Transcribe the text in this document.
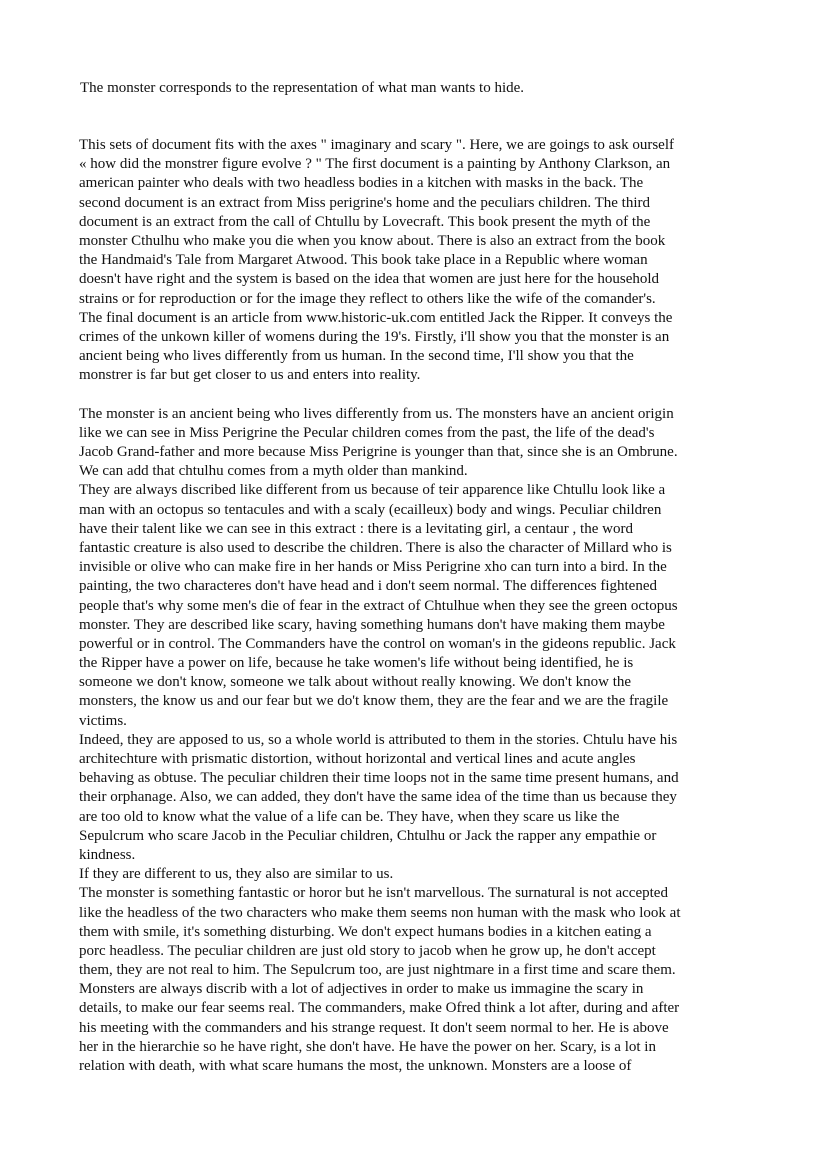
The monster corresponds to the representation of what man wants to hide.

This sets of document fits with the axes " imaginary and scary ". Here, we are goings to ask ourself
« how did the monstrer figure evolve ? " The first document is a painting by Anthony Clarkson, an
american painter who deals with two headless bodies in a kitchen with masks in the back. The
second document is an extract from Miss perigrine's home and the peculiars children. The third
document is an extract from the call of Chtullu by Lovecraft. This book present the myth of the
monster Cthulhu who make you die when you know about. There is also an extract from the book
the Handmaid's Tale from Margaret Atwood. This book take place in a Republic where woman
doesn't have right and the system is based on the idea that women are just here for the household
strains or for reproduction or for the image they reflect to others like the wife of the comander's.
The final document is an article from www.historic-uk.com entitled Jack the Ripper. It conveys the
crimes of the unkown killer of womens during the 19's. Firstly, i'll show you that the monster is an
ancient being who lives differently from us human. In the second time, I'll show you that the
monstrer is far but get closer to us and enters into reality.
The monster is an ancient being who lives differently from us. The monsters have an ancient origin
like we can see in Miss Perigrine the Pecular children comes from the past, the life of the dead's
Jacob Grand-father and more because Miss Perigrine is younger than that, since she is an Ombrune.
We can add that chtulhu comes from a myth older than mankind.
They are always discribed like different from us because of teir apparence like Chtullu look like a
man with an octopus so tentacules and with a scaly (ecailleux) body and wings. Peculiar children
have their talent like we can see in this extract : there is a levitating girl, a centaur , the word
fantastic creature is also used to describe the children. There is also the character of Millard who is
invisible or olive who can make fire in her hands or Miss Perigrine xho can turn into a bird. In the
painting, the two characteres don't have head and i don't seem normal. The differences fightened
people that's why some men's die of fear in the extract of Chtulhue when they see the green octopus
monster. They are described like scary, having something humans don't have making them maybe
powerful or in control. The Commanders have the control on woman's in the gideons republic. Jack
the Ripper have a power on life, because he take women's life without being identified, he is
someone we don't know, someone we talk about without really knowing. We don't know the
monsters, the know us and our fear but we do't know them, they are the fear and we are the fragile
victims.
Indeed, they are apposed to us, so a whole world is attributed to them in the stories. Chtulu have his
architechture with prismatic distortion, without horizontal and vertical lines and acute angles
behaving as obtuse. The peculiar children their time loops not in the same time present humans, and
their orphanage. Also, we can added, they don't have the same idea of the time than us because they
are too old to know what the value of a life can be. They have, when they scare us like the
Sepulcrum who scare Jacob in the Peculiar children, Chtulhu or Jack the rapper any empathie or
kindness.
If they are different to us, they also are similar to us.
The monster is something fantastic or horor but he isn't marvellous. The surnatural is not accepted
like the headless of the two characters who make them seems non human with the mask who look at
them with smile, it's something disturbing. We don't expect humans bodies in a kitchen eating a
porc headless. The peculiar children are just old story to jacob when he grow up, he don't accept
them, they are not real to him. The Sepulcrum too, are just nightmare in a first time and scare them.
Monsters are always discrib with a lot of adjectives in order to make us immagine the scary in
details, to make our fear seems real. The commanders, make Ofred think a lot after, during and after
his meeting with the commanders and his strange request. It don't seem normal to her. He is above
her in the hierarchie so he have right, she don't have. He have the power on her. Scary, is a lot in
relation with death, with what scare humans the most, the unknown. Monsters are a loose of
